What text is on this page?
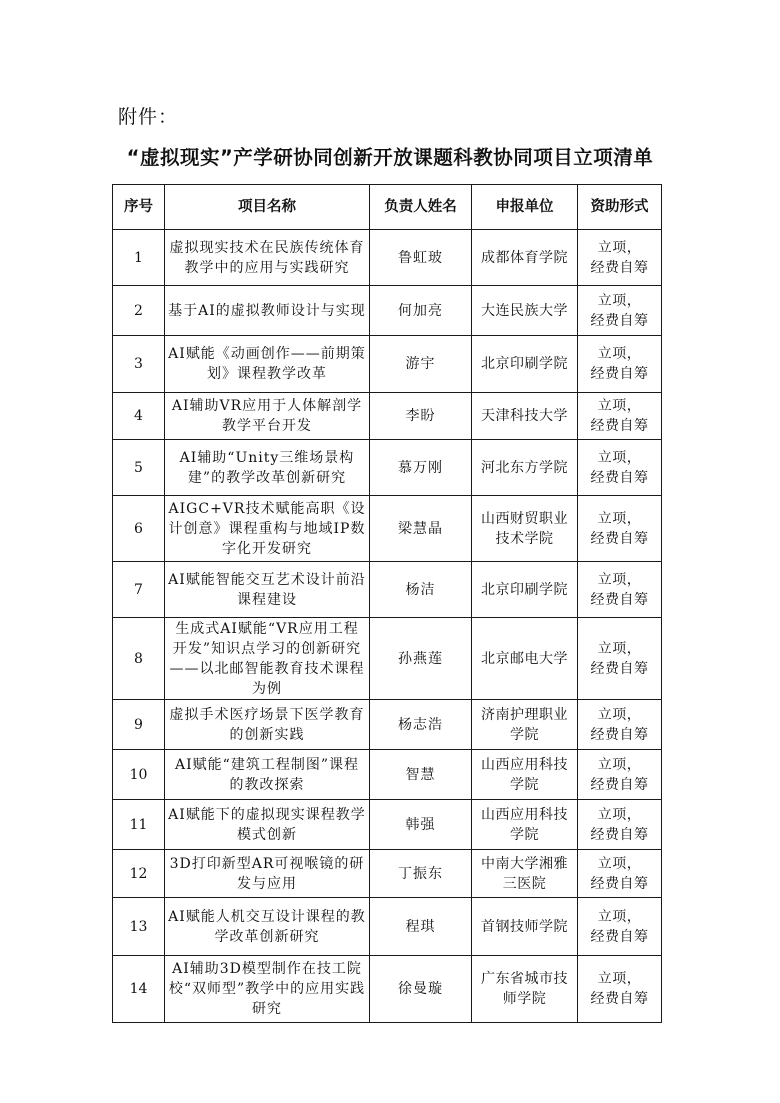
附件：
“虚拟现实”产学研协同创新开放课题科教协同项目立项清单
序号	项目名称	负责人姓名	申报单位	资助形式
1	虚拟现实技术在民族传统体育教学中的应用与实践研究	鲁虹玻	成都体育学院	立项，
经费自筹

2	基于AI的虚拟教师设计与实现	何加亮	大连民族大学	立项，
经费自筹

3	AI赋能《动画创作——前期策划》课程教学改革	游宇	北京印刷学院	立项，
经费自筹

4	AI辅助VR应用于人体解剖学教学平台开发	李盼	天津科技大学	立项，
经费自筹

5	AI辅助“Unity三维场景构建”的教学改革创新研究	慕万刚	河北东方学院	立项，
经费自筹

6	AIGC+VR技术赋能高职《设计创意》课程重构与地域IP数字化开发研究	梁慧晶	山西财贸职业技术学院	立项，
经费自筹

7	AI赋能智能交互艺术设计前沿课程建设	杨洁	北京印刷学院	立项，
经费自筹

8	生成式AI赋能“VR应用工程开发”知识点学习的创新研究——以北邮智能教育技术课程为例	孙燕莲	北京邮电大学	立项，
经费自筹

9	虚拟手术医疗场景下医学教育的创新实践	杨志浩	济南护理职业学院	立项，
经费自筹

10	AI赋能“建筑工程制图”课程的教改探索	智慧	山西应用科技学院	立项，
经费自筹

11	AI赋能下的虚拟现实课程教学模式创新	韩强	山西应用科技学院	立项，
经费自筹

12	3D打印新型AR可视喉镜的研发与应用	丁振东	中南大学湘雅三医院	立项，
经费自筹

13	AI赋能人机交互设计课程的教学改革创新研究	程琪	首钢技师学院	立项，
经费自筹

14	AI辅助3D模型制作在技工院校“双师型”教学中的应用实践研究	徐曼璇	广东省城市技师学院	立项，
经费自筹
